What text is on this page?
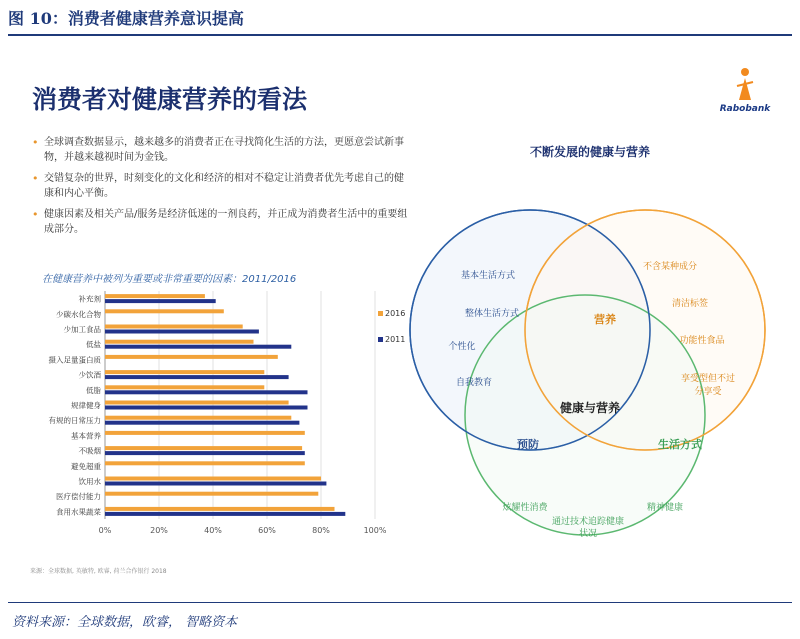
图 10：消费者健康营养意识提高
消费者对健康营养的看法	Rabobank
• 全球调查数据显示，越来越多的消费者正在寻找简化生活的方法，更愿意尝试新事物，并越来越视时间为金钱。
• 交错复杂的世界，时刻变化的文化和经济的相对不稳定让消费者优先考虑自己的健康和内心平衡。
• 健康因素及相关产品/服务是经济低迷的一剂良药，并正成为消费者生活中的重要组成部分。
在健康营养中被列为重要或非常重要的因素：2011/2016
0%	20%	40%	60%	80%	100%
补充剂
少碳水化合物
少加工食品
低盐
摄入足量蛋白质
少饮酒
低脂
规律健身
有规的日常压力
基本营养
不吸烟
避免超重
饮用水
医疗偿付能力
食用水果蔬菜
2016
2011
来源：全球数据, 英敏特, 欧睿, 荷兰合作银行 2018
不断发展的健康与营养
基本生活方式
整体生活方式
个性化
自我教育
不含某种成分
清洁标签
功能性食品
享受型但不过
分享受
炫耀性消费	精神健康
通过技术追踪健康
状况
营养
预防	生活方式
健康与营养
资料来源：全球数据，欧睿， 智略资本
